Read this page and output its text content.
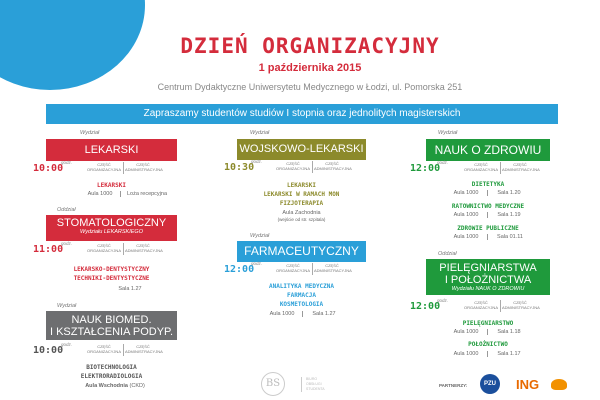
DZIEŃ ORGANIZACYJNY
1 października 2015
Centrum Dydaktyczne Uniwersytetu Medycznego w Łodzi, ul. Pomorska 251
Zapraszamy studentów studiów I stopnia oraz jednolitych magisterskich
Wydział
LEKARSKI
godz.
10:00	CZĘŚĆ ORGANIZACYJNA
CZĘŚĆ ADMINISTRACYJNA
LEKARSKI
Aula 1000	Loża recepcyjna
Oddział
STOMATOLOGICZNY
Wydziału LEKARSKIEGO
godz.
11:00	CZĘŚĆ ORGANIZACYJNA
CZĘŚĆ ADMINISTRACYJNA
LEKARSKO-DENTYSTYCZNY
TECHNIKI-DENTYSTYCZNE
Sala 1.27
Wydział
NAUK BIOMED.
I KSZTAŁCENIA PODYP.
godz.
10:00	CZĘŚĆ ORGANIZACYJNA
CZĘŚĆ ADMINISTRACYJNA
BIOTECHNOLOGIA
ELEKTRORADIOLOGIA
Aula Wschodnia (CKD)
Wydział
WOJSKOWO-LEKARSKI
godz.
10:30	CZĘŚĆ ORGANIZACYJNA
CZĘŚĆ ADMINISTRACYJNA
LEKARSKI
LEKARSKI W RAMACH MON
FIZJOTERAPIA
Aula Zachodnia
(wejście od str. szpitala)
Wydział
FARMACEUTYCZNY
godz.
12:00	CZĘŚĆ ORGANIZACYJNA
CZĘŚĆ ADMINISTRACYJNA
ANALITYKA MEDYCZNA
FARMACJA
KOSMETOLOGIA
Aula 1000	Sala 1.27
Wydział
NAUK O ZDROWIU
godz.
12:00	CZĘŚĆ ORGANIZACYJNA
CZĘŚĆ ADMINISTRACYJNA
DIETETYKA
Aula 1000	Sala 1.20
RATOWNICTWO MEDYCZNE
Aula 1000	Sala 1.19
ZDROWIE PUBLICZNE
Aula 1000	Sala 01.11
Oddział
PIELĘGNIARSTWA
I POŁOŻNICTWA
Wydziału NAUK O ZDROWIU
godz.
12:00	CZĘŚĆ ORGANIZACYJNA
CZĘŚĆ ADMINISTRACYJNA
PIELĘGNIARSTWO
Aula 1000	Sala 1.18
POŁOŻNICTWO
Aula 1000	Sala 1.17
BS	BIURO
OBSŁUGI
STUDENTA
PARTNERZY:	PZU	ING
